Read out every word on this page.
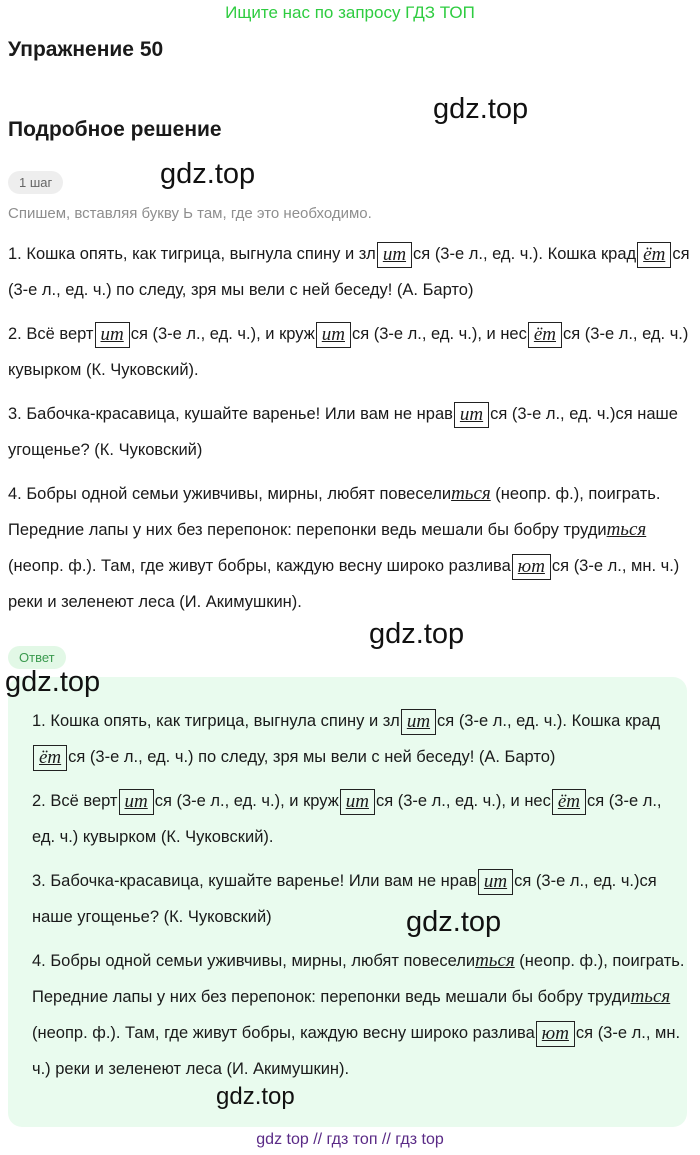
Ищите нас по запросу ГДЗ ТОП
Упражнение 50
gdz.top
Подробное решение
1 шаг	gdz.top
Спишем, вставляя букву Ь там, где это необходимо.

1. Кошка опять, как тигрица, выгнула спину и зл ит ся (3-е л., ед. ч.). Кошка крад ёт ся (3-е л., ед. ч.) по следу, зря мы вели с ней беседу! (А. Барто)

2. Всё верт ит ся (3-е л., ед. ч.), и круж ит ся (3-е л., ед. ч.), и нес ёт ся (3-е л., ед. ч.) кувырком (К. Чуковский).

3. Бабочка-красавица, кушайте варенье! Или вам не нрав ит ся (3-е л., ед. ч.)ся наше угощенье? (К. Чуковский)

4. Бобры одной семьи уживчивы, мирны, любят повеселиться (неопр. ф.), поиграть. Передние лапы у них без перепонок: перепонки ведь мешали бы бобру трудиться (неопр. ф.). Там, где живут бобры, каждую весну широко разлива ют ся (3-е л., мн. ч.) реки и зеленеют леса (И. Акимушкин).

gdz.top
Ответ
gdz.top

1. Кошка опять, как тигрица, выгнула спину и зл ит ся (3-е л., ед. ч.). Кошка крадёт ся (3-е л., ед. ч.) по следу, зря мы вели с ней беседу! (А. Барто)

2. Всё верт ит ся (3-е л., ед. ч.), и круж ит ся (3-е л., ед. ч.), и нес ёт ся (3-е л., ед. ч.) кувырком (К. Чуковский).

3. Бабочка-красавица, кушайте варенье! Или вам не нрав ит ся (3-е л., ед. ч.)ся наше угощенье? (К. Чуковский)

4. Бобры одной семьи уживчивы, мирны, любят повеселиться (неопр. ф.), поиграть. Передние лапы у них без перепонок: перепонки ведь мешали бы бобру трудиться (неопр. ф.). Там, где живут бобры, каждую весну широко разлива ют ся (3-е л., мн. ч.) реки и зеленеют леса (И. Акимушкин).

gdz.top
gdz.top
gdz top // гдз топ // гдз top
